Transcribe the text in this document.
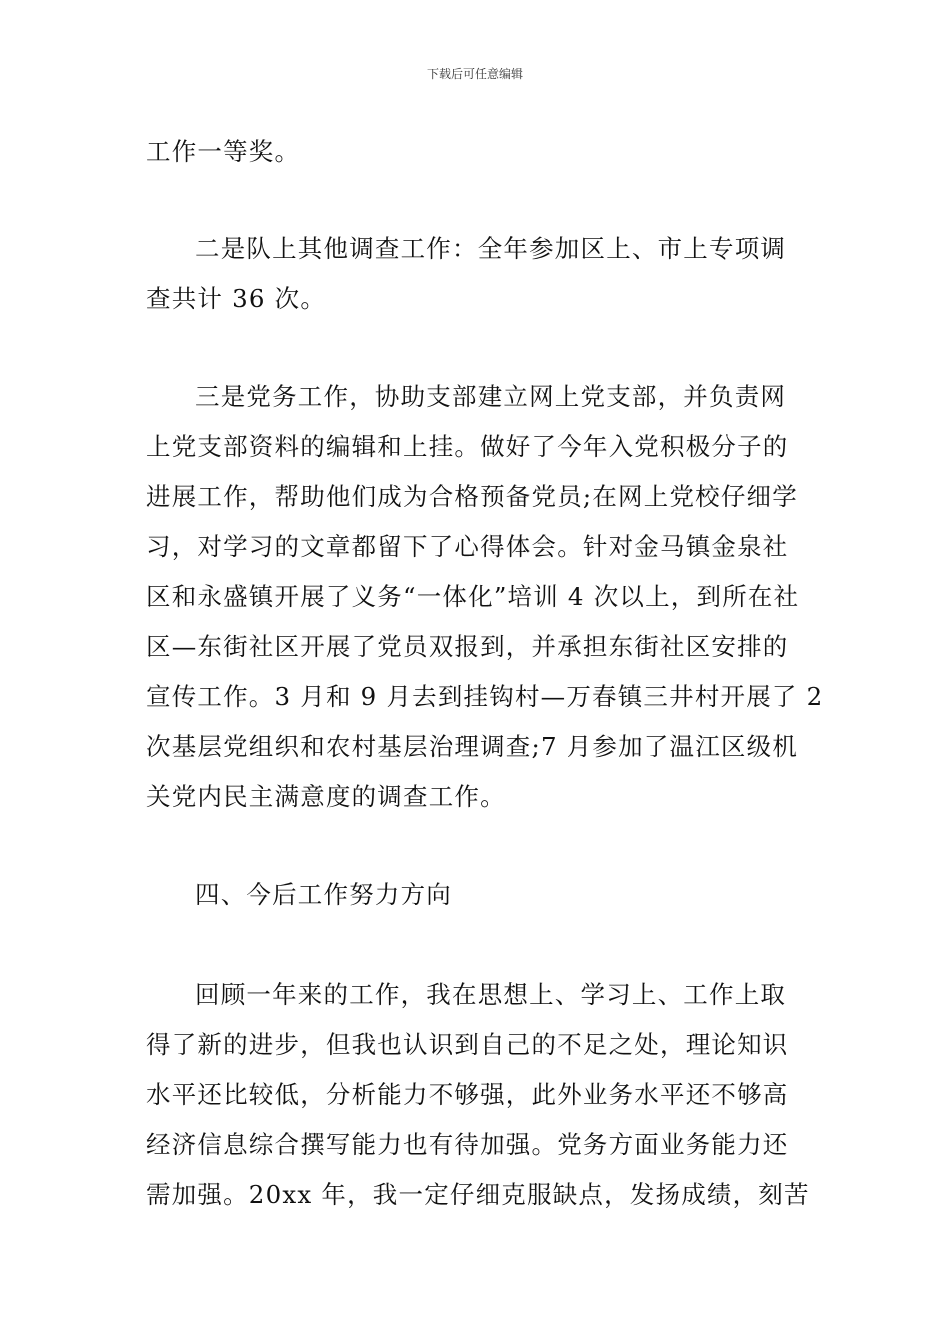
下载后可任意编辑
工作一等奖。
二是队上其他调查工作：全年参加区上、市上专项调
查共计 36 次。
三是党务工作，协助支部建立网上党支部，并负责网
上党支部资料的编辑和上挂。做好了今年入党积极分子的
进展工作，帮助他们成为合格预备党员;在网上党校仔细学
习，对学习的文章都留下了心得体会。针对金马镇金泉社
区和永盛镇开展了义务“一体化”培训 4 次以上，到所在社
区—东街社区开展了党员双报到，并承担东街社区安排的
宣传工作。3 月和 9 月去到挂钩村—万春镇三井村开展了 2
次基层党组织和农村基层治理调查;7 月参加了温江区级机
关党内民主满意度的调查工作。
四、今后工作努力方向
回顾一年来的工作，我在思想上、学习上、工作上取
得了新的进步，但我也认识到自己的不足之处，理论知识
水平还比较低，分析能力不够强，此外业务水平还不够高
经济信息综合撰写能力也有待加强。党务方面业务能力还
需加强。20xx 年，我一定仔细克服缺点，发扬成绩，刻苦
